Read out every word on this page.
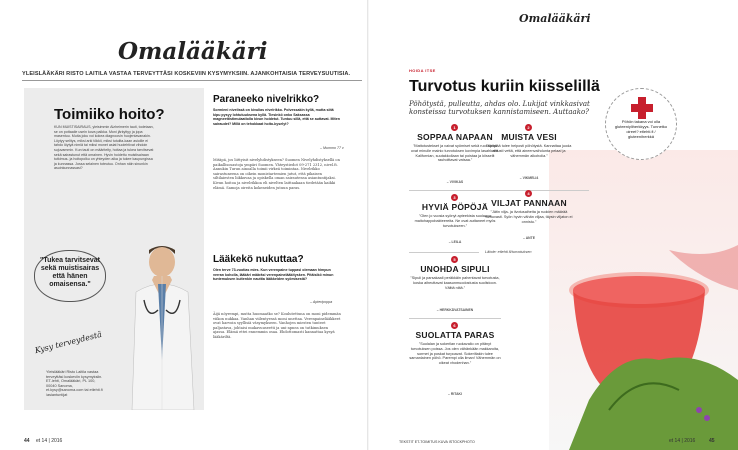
Omalääkäri
YLEISLÄÄKÄRI RISTO LAITILA VASTAA TERVEYTTÄSI KOSKEVIIN KYSYMYKSIIN. AJANKOHTAISIA TERVEYSUUTISIA.
Toimiiko hoito?
KUN MUISTISAIRAUS, yleisimmin Alzheimerin tauti, todetaan, se on pottaaile usein kova paikka. Moni järkyttyy ja jopa masentuu. Muita joku voi kokea diagnoosin huojentavanakin. Löytyy selitys, miksi arki tökkii, miksi tutuilta-kaan asioille ei tahdo löytyä nimiä tai miksi monet asiat huolehtivat vihdoin sujuvammin. Kun tauti on määritelty, hoitaa ja tukea tarvitsevat sekä sairastunut että omainen. Hyvin hoidettu muistisairaan tutkimus- ja hoitopolku on yhteyden aika ja tukee kaupungissa ja kunnassa. Jossa selainen toteutuu. Onhan näin sinunkin asuinkunnassasi?
"Tukea tarvitsevat sekä muistisairas että hänen omaisensa."
Kysy terveydestä
Yleislääkäri Risto Laitila vastaa terveyttäsi koskeviin kysymyksiin. ET-lehti, Omalääkäri, PL 100, 00040 Sanoma, et.kysy@sanoma.com tai etlehti.fi /asiantuntijat
Paraneeko nivelrikko?
Sormieni nivelissä on kivulias nivelrikko. Polvessakin kyllä, mutta siitä kipu pysyy lohtutuuksena kyllä. Tiesinkö onko Saksassa magneettistimulaatiolla kivun hoidetut. Tuntuu sillä, että se auttavat. Miten sairaudet? Millä on tehokkaat hoito-kyselyt?
– Mummo 77 v
Mitäpä, jos liittyisit nivelyhdistykseen? Suomen Nivelyhdistyksellä on paikallisosastoja ympäri Suomen. Yhteystiedot 09-271 2312, nivel.fi. Annukin Turun ainoalla toimii virkeä toimintaa. Nivelrikko sairastuneena on oikein monistartemien jutut, että pikaisen siltilaiesten liikkuvaa ja opiskella oman sairautensa asiantuntijaksi. Kivun hoitoa ja nivelrikkoa eli nivelten laittaakaan tiedetään kaikki elämä. Samoja oireita kokeneiden jutuun paras.
Lääkekö nukuttaa?
Olen terve 73-vuotias mies. Kun verenpaine tuppasi olemaan himpun verran koholla, lääkäri määräsi verenpainelääkitysken. Pitäisikö minun tuntemuksen kuitenkin nauttia lääkkeiden syömisestä?
– Apteripoppa
Äijä nöyrempi, mutta huomaatko se? Koulutettuna on moni pidemmän viikon nukkaa. Vanhan viilentyessä moni unettaa. Verenpainelääkkeet ovat harvoin syyllisiä väsymykseen. Vanhojen miesten tunteet paljastava, johtaisi mukavuuseetti ja uni-apnea on tutkimuksen ajassa. Elämä ettei ennemmin osaa. Ehdottomasti kannattaa kysyä lääkäriltä.
44 et 14 | 2016
Omalääkäri
HOIDA ITSE
Turvotus kuriin kiisselillä
Pöhötystä, pulleutta, ahdas olo. Lukijat vinkkasivat konsteissa turvotuksen kannistamiseen. Auttaako?
1
SOPPAA NAPAAN
"Mattotustekset ja vaivat syömiset sekä ruokapöyt ovat minulle mainio turvotuksen kovimpia lasahkalle. Kalifornian, suutakkollaan tai poistaa ja kiisselit rauhoittavat vatsaa."
– VIVIKAS
2
MUISTA VESI
"Kiristää tulee helposti pöhötystä. Kannattaa juoda reilusti vettä, että aineenvaihdunta pelaa! ja vähemmän alkoholia."
– VIKMELI4
3
HYVIÄ PÖPÖJÄ
"Olen jo vuosia syönyt apteekista suolaava maitohappobakteereita. Ne ovat auttaneet myös turvotukseen."
– LEILA
4
VILJAT PANNAAN
"Jätin vilja- ja ilvotusaiheita ja ruokien määrää tuntuvasti. Syön hyvin vähän viljaa, täysin viljaton ei onnistu."
– ANTE
Lähde: etlehti.fi/turvotuksen
5
UNOHDA SIPULI
"Sipuli ja parsakaali peräkkäin pahentavat turvotusta, koska aiheuttavat kaasunmuodostusta suolistoon. Välttä niitä."
– HERKKÄVATSAINEN
6
SUOLATTA PARAS
"Suolalan ja sokerilan ruokavalio on pitänyt turvotuksen poissa. Jos olen vähänkään makkaroita, sormet ja poskat turpoavat. Sokeriltakin tulee samanlainen pöhö. Parempi olla ilman! Vähemmän on oikeat vhodenhan."
– RITAKI
TEKSTIT ET-TOIMITUS KUVA ISTOCKPHOTO	et 14 | 2016	45
Pöhön takana voi olla gluteeniyliherkkyys. Tunnetko oireet? etlehti.fi / gluteeniherkkä
